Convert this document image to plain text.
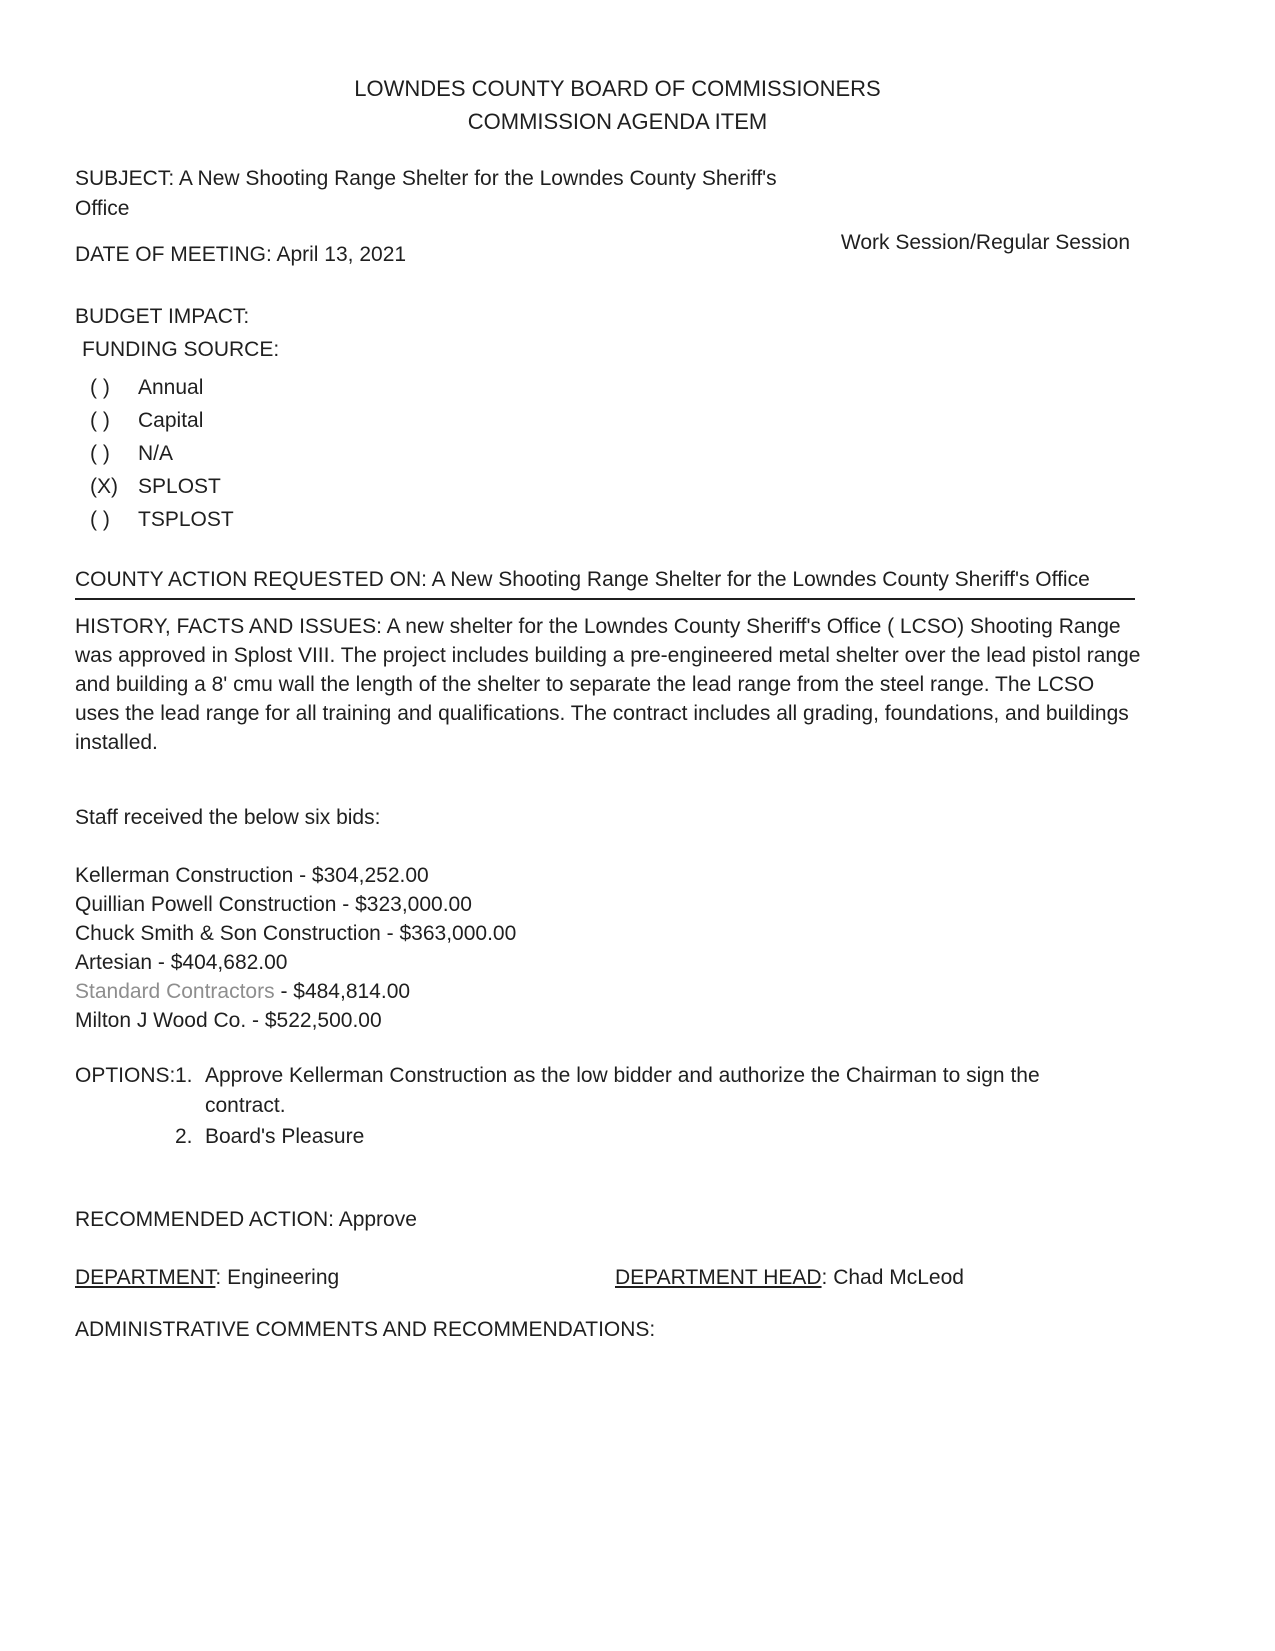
LOWNDES COUNTY BOARD OF COMMISSIONERS
COMMISSION AGENDA ITEM

SUBJECT: A New Shooting Range Shelter for the Lowndes County Sheriff's Office

DATE OF MEETING: April 13, 2021
Work Session/Regular Session
BUDGET IMPACT:
FUNDING SOURCE:
( ) Annual
( ) Capital
( ) N/A
(X) SPLOST
( ) TSPLOST
COUNTY ACTION REQUESTED ON: A New Shooting Range Shelter for the Lowndes County Sheriff's Office

HISTORY, FACTS AND ISSUES: A new shelter for the Lowndes County Sheriff's Office ( LCSO) Shooting Range was approved in Splost VIII. The project includes building a pre-engineered metal shelter over the lead pistol range and building a 8' cmu wall the length of the shelter to separate the lead range from the steel range. The LCSO uses the lead range for all training and qualifications. The contract includes all grading, foundations, and buildings installed.

Staff received the below six bids:
Kellerman Construction - $304,252.00
Quillian Powell Construction - $323,000.00
Chuck Smith & Son Construction - $363,000.00
Artesian - $404,682.00
Standard Contractors - $484,814.00
Milton J Wood Co. - $522,500.00
OPTIONS: 1. Approve Kellerman Construction as the low bidder and authorize the Chairman to sign the contract.
2. Board's Pleasure
RECOMMENDED ACTION: Approve
DEPARTMENT: Engineering	DEPARTMENT HEAD: Chad McLeod
ADMINISTRATIVE COMMENTS AND RECOMMENDATIONS:
